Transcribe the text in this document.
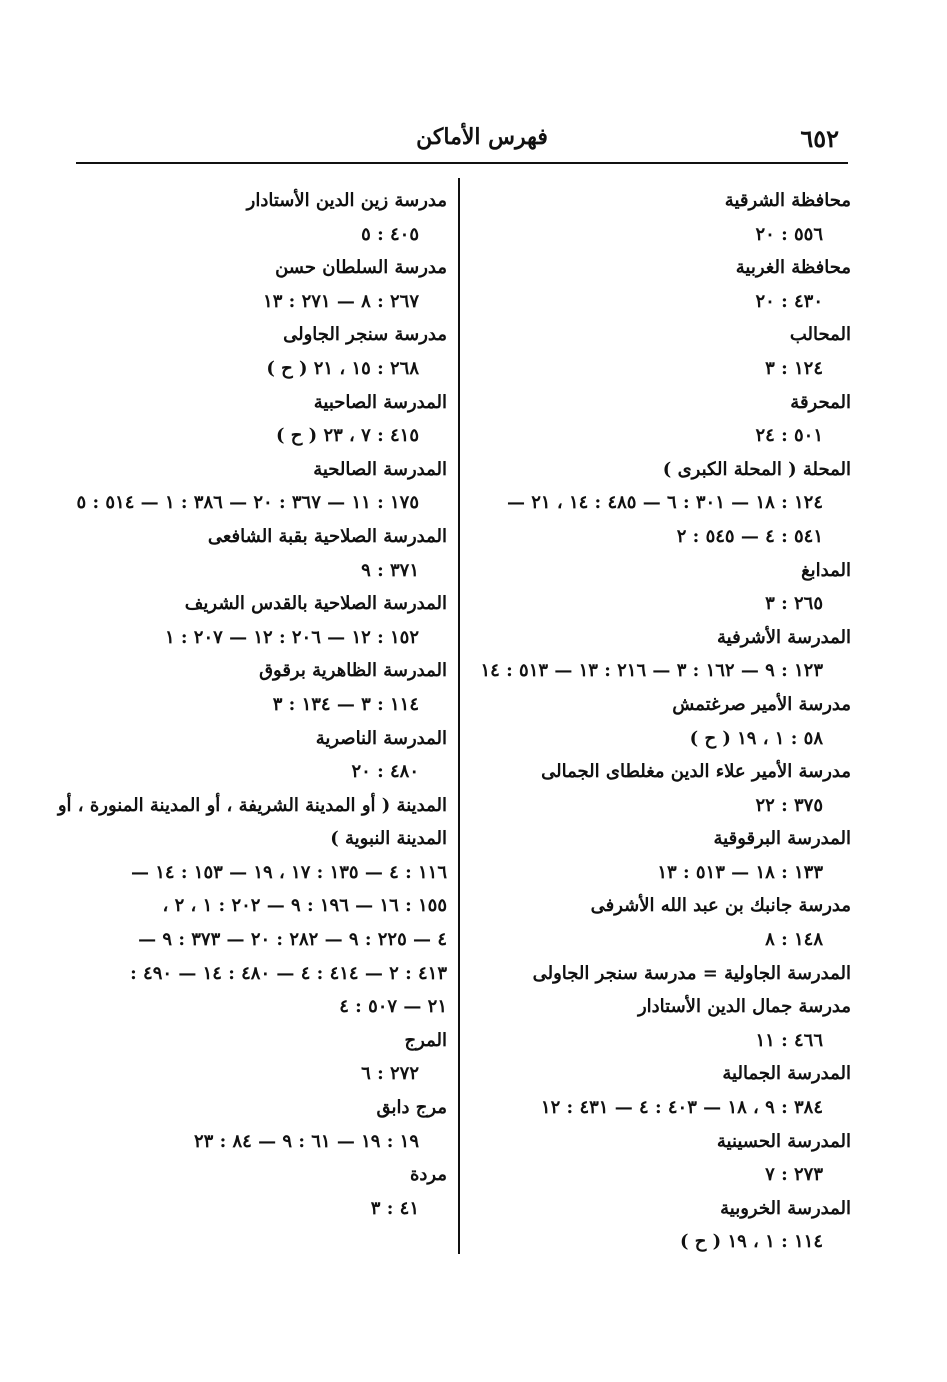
٦٥٢
فهرس الأماكن
محافظة الشرقية
٥٥٦ : ٢٠
محافظة الغربية
٤٣٠ : ٢٠
المحالب
١٢٤ : ٣
المحرقة
٥٠١ : ٢٤
المحلة ( المحلة الكبرى )
١٢٤ : ١٨ — ٣٠١ : ٦ — ٤٨٥ : ١٤ ، ٢١ —
٥٤١ : ٤ — ٥٤٥ : ٢
المدابغ
٢٦٥ : ٣
المدرسة الأشرفية
١٢٣ : ٩ — ١٦٢ : ٣ — ٢١٦ : ١٣ — ٥١٣ : ١٤
مدرسة الأمير صرغتمش
٥٨ : ١ ، ١٩ ( ح )
مدرسة الأمير علاء الدين مغلطاى الجمالى
٣٧٥ : ٢٢
المدرسة البرقوقية
١٣٣ : ١٨ — ٥١٣ : ١٣
مدرسة جانبك بن عبد الله الأشرفى
١٤٨ : ٨
المدرسة الجاولية = مدرسة سنجر الجاولى
مدرسة جمال الدين الأستادار
٤٦٦ : ١١
المدرسة الجمالية
٣٨٤ : ٩ ، ١٨ — ٤٠٣ : ٤ — ٤٣١ : ١٢
المدرسة الحسينية
٢٧٣ : ٧
المدرسة الخروبية
١١٤ : ١ ، ١٩ ( ح )
مدرسة زين الدين الأستادار
٤٠٥ : ٥
مدرسة السلطان حسن
٢٦٧ : ٨ — ٢٧١ : ١٣
مدرسة سنجر الجاولى
٢٦٨ : ١٥ ، ٢١ ( ح )
المدرسة الصاحبية
٤١٥ : ٧ ، ٢٣ ( ح )
المدرسة الصالحية
١٧٥ : ١١ — ٣٦٧ : ٢٠ — ٣٨٦ : ١ — ٥١٤ : ٥
المدرسة الصلاحية بقبة الشافعى
٣٧١ : ٩
المدرسة الصلاحية بالقدس الشريف
١٥٢ : ١٢ — ٢٠٦ : ١٢ — ٢٠٧ : ١
المدرسة الظاهرية برقوق
١١٤ : ٣ — ١٣٤ : ٣
المدرسة الناصرية
٤٨٠ : ٢٠
المدينة ( أو المدينة الشريفة ، أو المدينة المنورة ، أو
المدينة النبوية )
١١٦ : ٤ — ١٣٥ : ١٧ ، ١٩ — ١٥٣ : ١٤ —
١٥٥ : ١٦ — ١٩٦ : ٩ — ٢٠٢ : ١ ، ٢ ،
٤ — ٢٢٥ : ٩ — ٢٨٢ : ٢٠ — ٣٧٣ : ٩ —
٤١٣ : ٢ — ٤١٤ : ٤ — ٤٨٠ : ١٤ — ٤٩٠ :
٢١ — ٥٠٧ : ٤
المرج
٢٧٢ : ٦
مرج دابق
١٩ : ١٩ — ٦١ : ٩ — ٨٤ : ٢٣
مردة
٤١ : ٣
